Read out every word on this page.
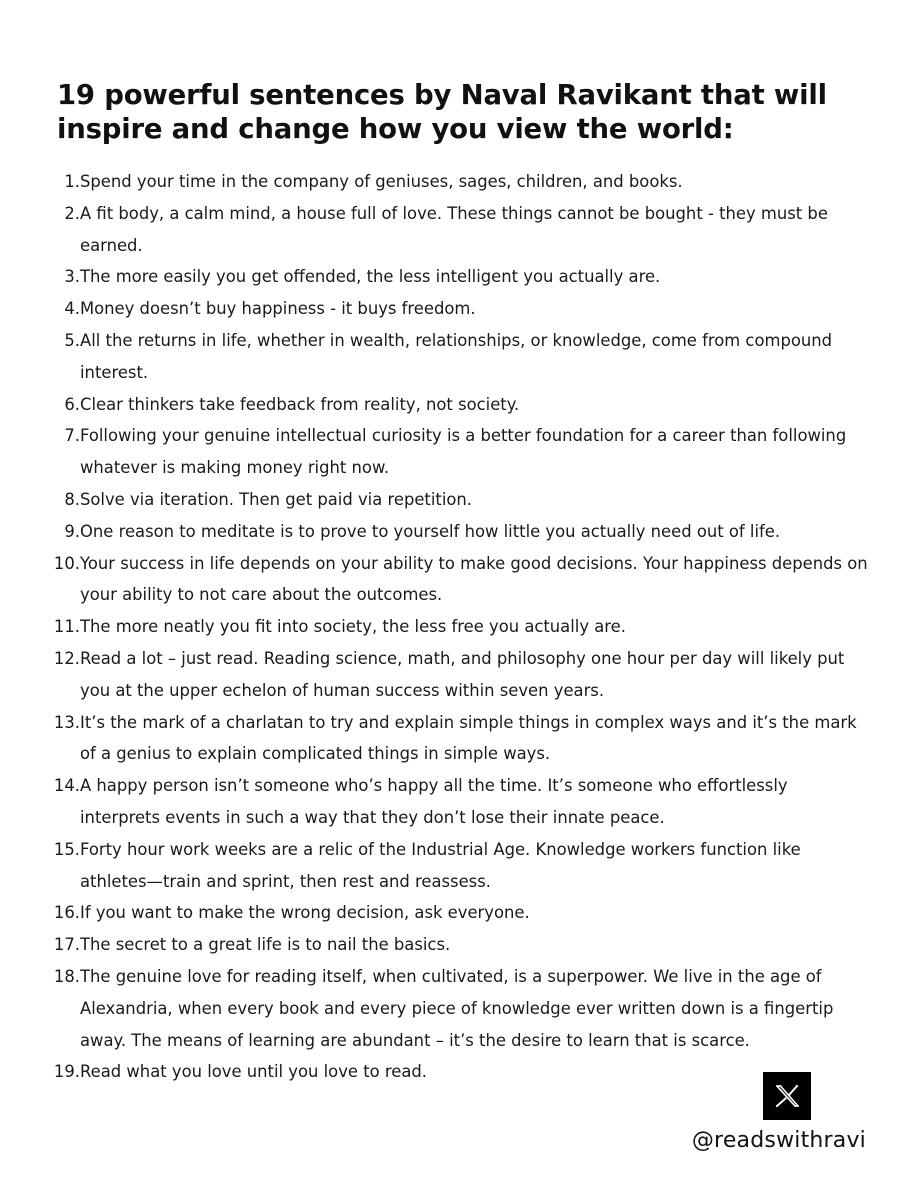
19 powerful sentences by Naval Ravikant that will inspire and change how you view the world:
1. Spend your time in the company of geniuses, sages, children, and books.
2. A fit body, a calm mind, a house full of love. These things cannot be bought - they must be earned.
3. The more easily you get offended, the less intelligent you actually are.
4. Money doesn’t buy happiness - it buys freedom.
5. All the returns in life, whether in wealth, relationships, or knowledge, come from compound interest.
6. Clear thinkers take feedback from reality, not society.
7. Following your genuine intellectual curiosity is a better foundation for a career than following whatever is making money right now.
8. Solve via iteration. Then get paid via repetition.
9. One reason to meditate is to prove to yourself how little you actually need out of life.
10. Your success in life depends on your ability to make good decisions. Your happiness depends on your ability to not care about the outcomes.
11. The more neatly you fit into society, the less free you actually are.
12. Read a lot – just read. Reading science, math, and philosophy one hour per day will likely put you at the upper echelon of human success within seven years.
13. It’s the mark of a charlatan to try and explain simple things in complex ways and it’s the mark of a genius to explain complicated things in simple ways.
14. A happy person isn’t someone who’s happy all the time. It’s someone who effortlessly interprets events in such a way that they don’t lose their innate peace.
15. Forty hour work weeks are a relic of the Industrial Age. Knowledge workers function like athletes—train and sprint, then rest and reassess.
16. If you want to make the wrong decision, ask everyone.
17. The secret to a great life is to nail the basics.
18. The genuine love for reading itself, when cultivated, is a superpower. We live in the age of Alexandria, when every book and every piece of knowledge ever written down is a fingertip away. The means of learning are abundant – it’s the desire to learn that is scarce.
19. Read what you love until you love to read.
@readswithravi
